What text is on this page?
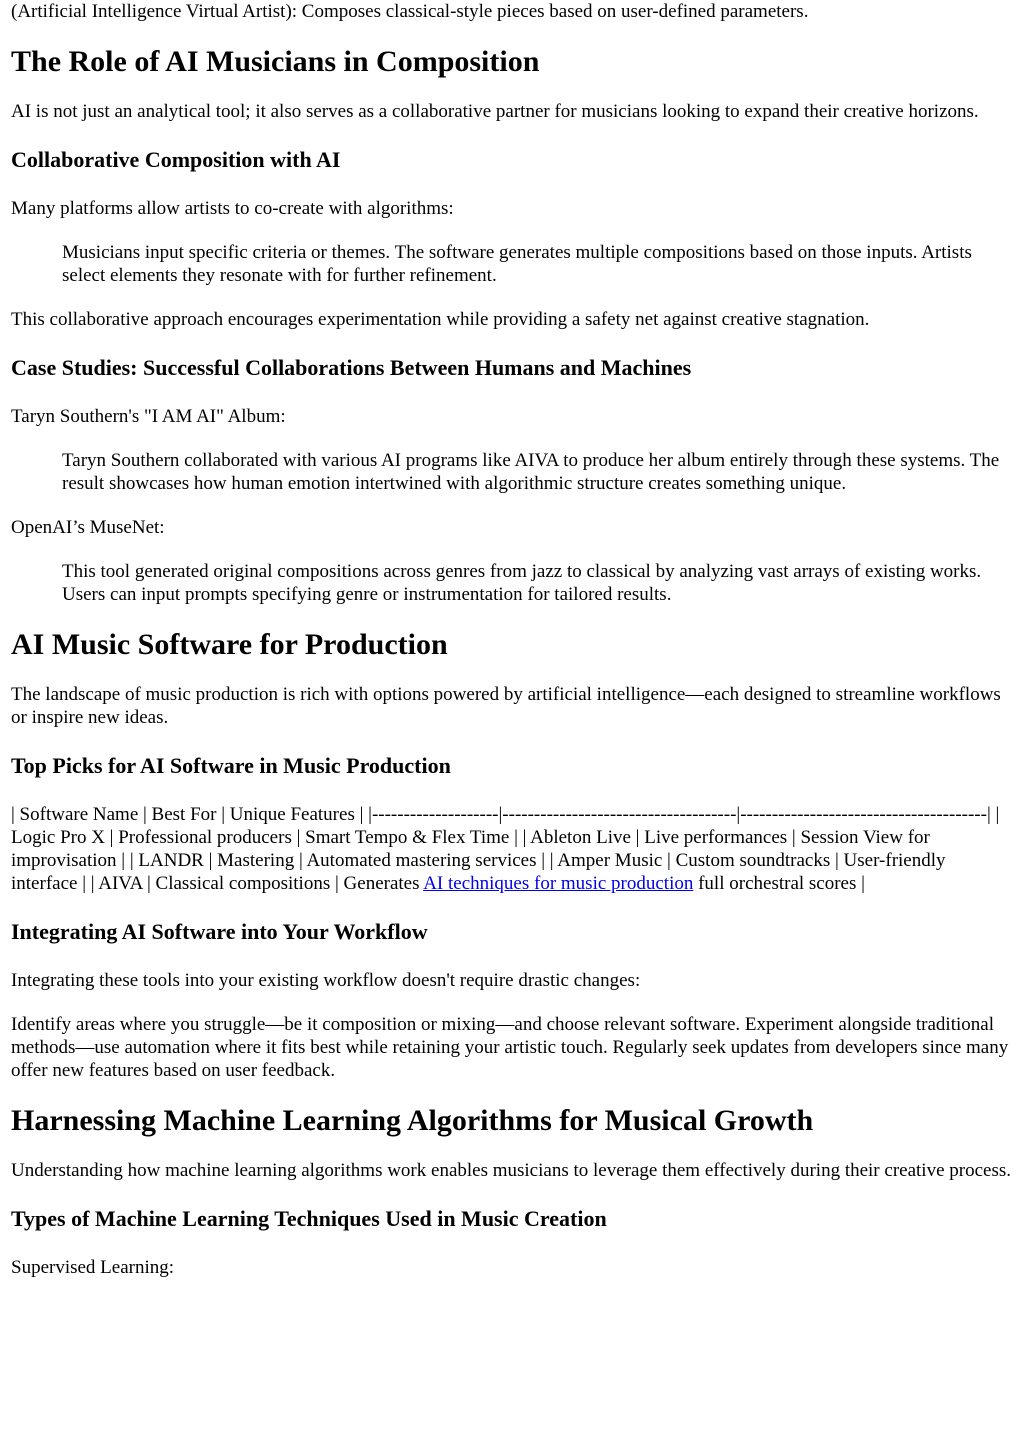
(Artificial Intelligence Virtual Artist): Composes classical-style pieces based on user-defined parameters.

The Role of AI Musicians in Composition

AI is not just an analytical tool; it also serves as a collaborative partner for musicians looking to expand their creative horizons.

Collaborative Composition with AI

Many platforms allow artists to co-create with algorithms:

Musicians input specific criteria or themes. The software generates multiple compositions based on those inputs. Artists select elements they resonate with for further refinement.

This collaborative approach encourages experimentation while providing a safety net against creative stagnation.

Case Studies: Successful Collaborations Between Humans and Machines

Taryn Southern's "I AM AI" Album:

Taryn Southern collaborated with various AI programs like AIVA to produce her album entirely through these systems. The result showcases how human emotion intertwined with algorithmic structure creates something unique.

OpenAI’s MuseNet:

This tool generated original compositions across genres from jazz to classical by analyzing vast arrays of existing works. Users can input prompts specifying genre or instrumentation for tailored results.

AI Music Software for Production

The landscape of music production is rich with options powered by artificial intelligence—each designed to streamline workflows or inspire new ideas.

Top Picks for AI Software in Music Production

| Software Name | Best For | Unique Features | |--------------------|-------------------------------------|---------------------------------------| | Logic Pro X | Professional producers | Smart Tempo & Flex Time | | Ableton Live | Live performances | Session View for improvisation | | LANDR | Mastering | Automated mastering services | | Amper Music | Custom soundtracks | User-friendly interface | | AIVA | Classical compositions | Generates AI techniques for music production full orchestral scores |

Integrating AI Software into Your Workflow

Integrating these tools into your existing workflow doesn't require drastic changes:

Identify areas where you struggle—be it composition or mixing—and choose relevant software. Experiment alongside traditional methods—use automation where it fits best while retaining your artistic touch. Regularly seek updates from developers since many offer new features based on user feedback.

Harnessing Machine Learning Algorithms for Musical Growth

Understanding how machine learning algorithms work enables musicians to leverage them effectively during their creative process.

Types of Machine Learning Techniques Used in Music Creation

Supervised Learning:
